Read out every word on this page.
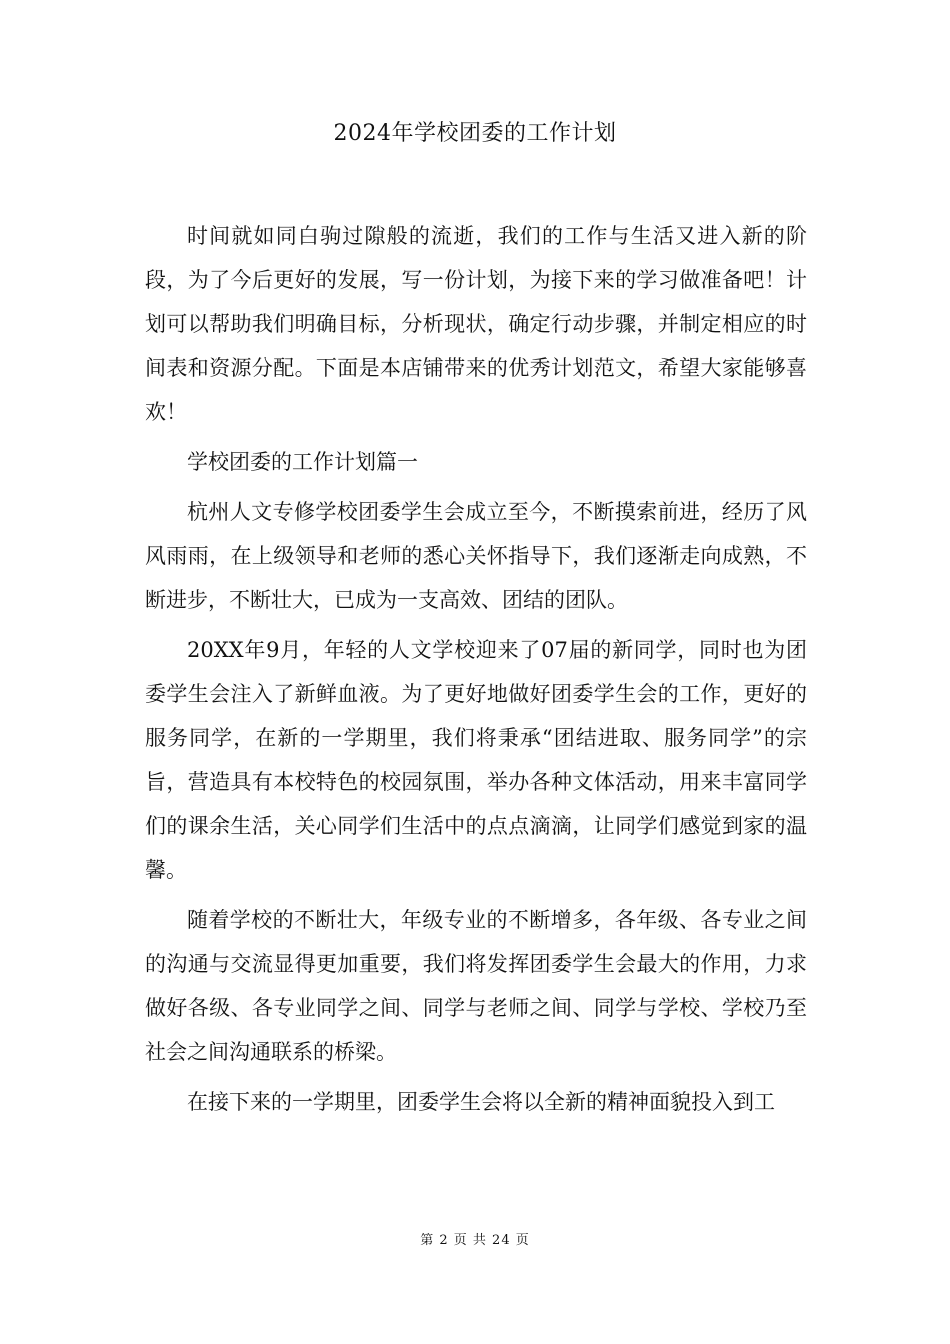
2024年学校团委的工作计划

时间就如同白驹过隙般的流逝，我们的工作与生活又进入新的阶段，为了今后更好的发展，写一份计划，为接下来的学习做准备吧！计划可以帮助我们明确目标，分析现状，确定行动步骤，并制定相应的时间表和资源分配。下面是本店铺带来的优秀计划范文，希望大家能够喜欢！

学校团委的工作计划篇一

杭州人文专修学校团委学生会成立至今，不断摸索前进，经历了风风雨雨，在上级领导和老师的悉心关怀指导下，我们逐渐走向成熟，不断进步，不断壮大，已成为一支高效、团结的团队。

20XX年9月，年轻的人文学校迎来了07届的新同学，同时也为团委学生会注入了新鲜血液。为了更好地做好团委学生会的工作，更好的服务同学，在新的一学期里，我们将秉承“团结进取、服务同学”的宗旨，营造具有本校特色的校园氛围，举办各种文体活动，用来丰富同学们的课余生活，关心同学们生活中的点点滴滴，让同学们感觉到家的温馨。

随着学校的不断壮大，年级专业的不断增多，各年级、各专业之间的沟通与交流显得更加重要，我们将发挥团委学生会最大的作用，力求做好各级、各专业同学之间、同学与老师之间、同学与学校、学校乃至社会之间沟通联系的桥梁。

在接下来的一学期里，团委学生会将以全新的精神面貌投入到工

第 2 页 共 24 页
